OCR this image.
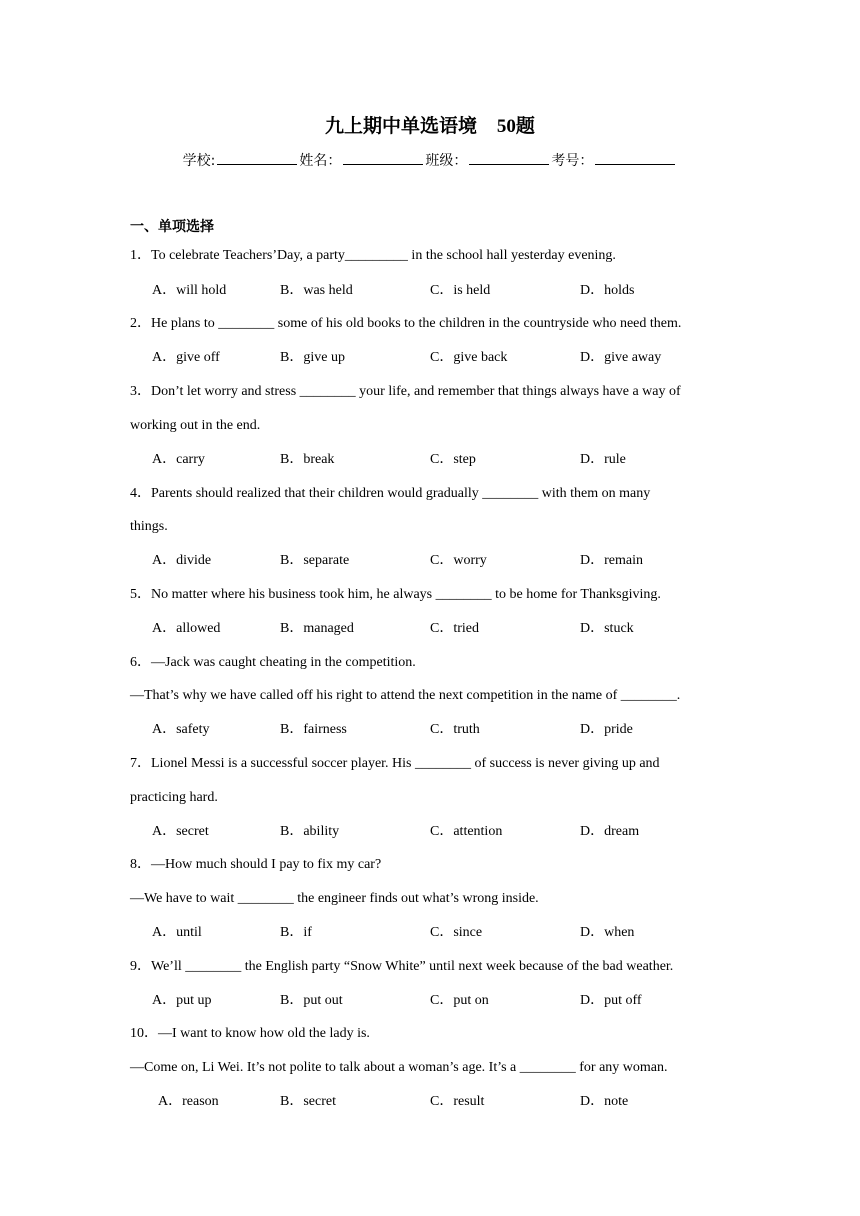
九上期中单选语境 50题
学校:	姓名：	班级：	考号：
一、单项选择
1．To celebrate Teachers’Day, a party_________ in the school hall yesterday evening.
A．will hold	B．was held	C．is held	D．holds
2．He plans to ________ some of his old books to the children in the countryside who need them.
A．give off	B．give up	C．give back	D．give away
3．Don’t let worry and stress ________ your life, and remember that things always have a way of
working out in the end.
A．carry	B．break	C．step	D．rule
4．Parents should realized that their children would gradually ________ with them on many
things.
A．divide	B．separate	C．worry	D．remain
5．No matter where his business took him, he always ________ to be home for Thanksgiving.
A．allowed	B．managed	C．tried	D．stuck
6．—Jack was caught cheating in the competition.
—That’s why we have called off his right to attend the next competition in the name of ________.
A．safety	B．fairness	C．truth	D．pride
7．Lionel Messi is a successful soccer player. His ________ of success is never giving up and
practicing hard.
A．secret	B．ability	C．attention	D．dream
8．—How much should I pay to fix my car?
—We have to wait ________ the engineer finds out what’s wrong inside.
A．until	B．if	C．since	D．when
9．We’ll ________ the English party “Snow White” until next week because of the bad weather.
A．put up	B．put out	C．put on	D．put off
10．—I want to know how old the lady is.
—Come on, Li Wei. It’s not polite to talk about a woman’s age. It’s a ________ for any woman.
A．reason	B．secret	C．result	D．note
